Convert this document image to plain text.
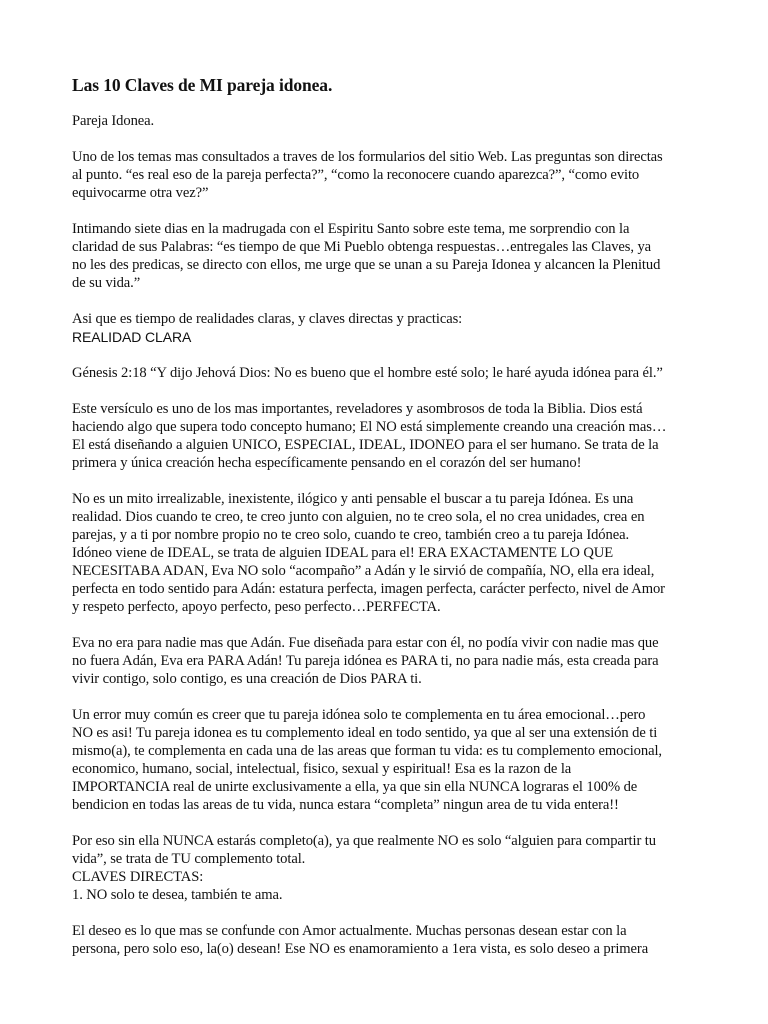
Las 10 Claves de MI pareja idonea.
Pareja Idonea.
Uno de los temas mas consultados a traves de los formularios del sitio Web. Las preguntas son directas
al punto. “es real eso de la pareja perfecta?”, “como la reconocere cuando aparezca?”, “como evito
equivocarme otra vez?”
Intimando siete dias en la madrugada con el Espiritu Santo sobre este tema, me sorprendio con la
claridad de sus Palabras: “es tiempo de que Mi Pueblo obtenga respuestas…entregales las Claves, ya
no les des predicas, se directo con ellos, me urge que se unan a su Pareja Idonea y alcancen la Plenitud
de su vida.”
Asi que es tiempo de realidades claras, y claves directas y practicas:
REALIDAD CLARA
Génesis 2:18 “Y dijo Jehová Dios: No es bueno que el hombre esté solo; le haré ayuda idónea para él.”
Este versículo es uno de los mas importantes, reveladores y asombrosos de toda la Biblia. Dios está
haciendo algo que supera todo concepto humano; El NO está simplemente creando una creación mas…
El está diseñando a alguien UNICO, ESPECIAL, IDEAL, IDONEO para el ser humano. Se trata de la
primera y única creación hecha específicamente pensando en el corazón del ser humano!
No es un mito irrealizable, inexistente, ilógico y anti pensable el buscar a tu pareja Idónea. Es una
realidad. Dios cuando te creo, te creo junto con alguien, no te creo sola, el no crea unidades, crea en
parejas, y a ti por nombre propio no te creo solo, cuando te creo, también creo a tu pareja Idónea.
Idóneo viene de IDEAL, se trata de alguien IDEAL para el! ERA EXACTAMENTE LO QUE
NECESITABA ADAN, Eva NO solo “acompaño” a Adán y le sirvió de compañía, NO, ella era ideal,
perfecta en todo sentido para Adán: estatura perfecta, imagen perfecta, carácter perfecto, nivel de Amor
y respeto perfecto, apoyo perfecto, peso perfecto…PERFECTA.
Eva no era para nadie mas que Adán. Fue diseñada para estar con él, no podía vivir con nadie mas que
no fuera Adán, Eva era PARA Adán! Tu pareja idónea es PARA ti, no para nadie más, esta creada para
vivir contigo, solo contigo, es una creación de Dios PARA ti.
Un error muy común es creer que tu pareja idónea solo te complementa en tu área emocional…pero
NO es asi! Tu pareja idonea es tu complemento ideal en todo sentido, ya que al ser una extensión de ti
mismo(a), te complementa en cada una de las areas que forman tu vida: es tu complemento emocional,
economico, humano, social, intelectual, fisico, sexual y espiritual! Esa es la razon de la
IMPORTANCIA real de unirte exclusivamente a ella, ya que sin ella NUNCA lograras el 100% de
bendicion en todas las areas de tu vida, nunca estara “completa” ningun area de tu vida entera!!
Por eso sin ella NUNCA estarás completo(a), ya que realmente NO es solo “alguien para compartir tu
vida”, se trata de TU complemento total.
CLAVES DIRECTAS:
1. NO solo te desea, también te ama.
El deseo es lo que mas se confunde con Amor actualmente. Muchas personas desean estar con la
persona, pero solo eso, la(o) desean! Ese NO es enamoramiento a 1era vista, es solo deseo a primera
